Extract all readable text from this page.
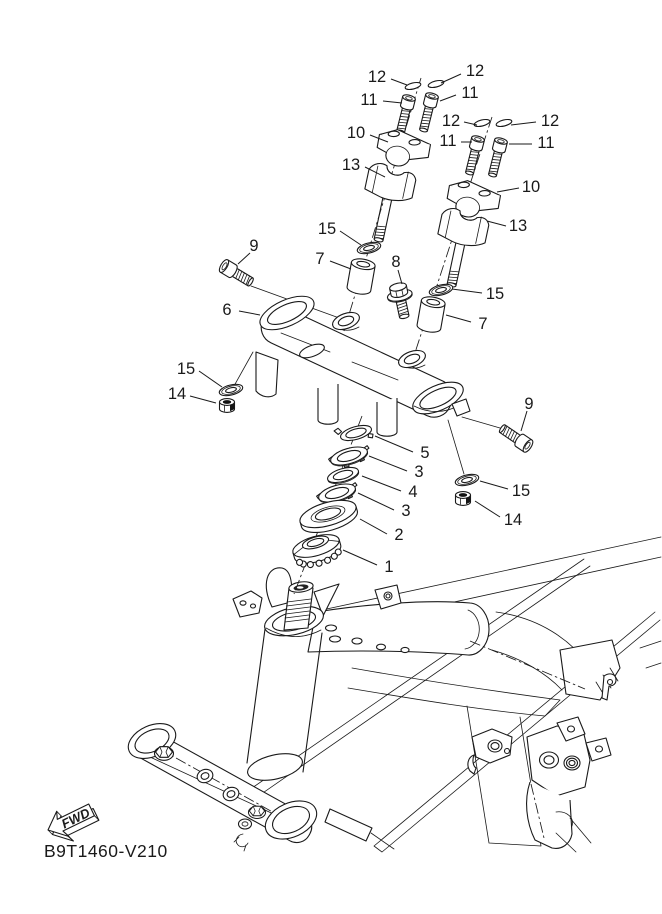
12	12
11	11
10
13
12	12
11	11
10
13
15
7	8
9
6
15
14
15
7
9
5
3
4
3
2
1
15
14
FWD
B9T1460-V210
